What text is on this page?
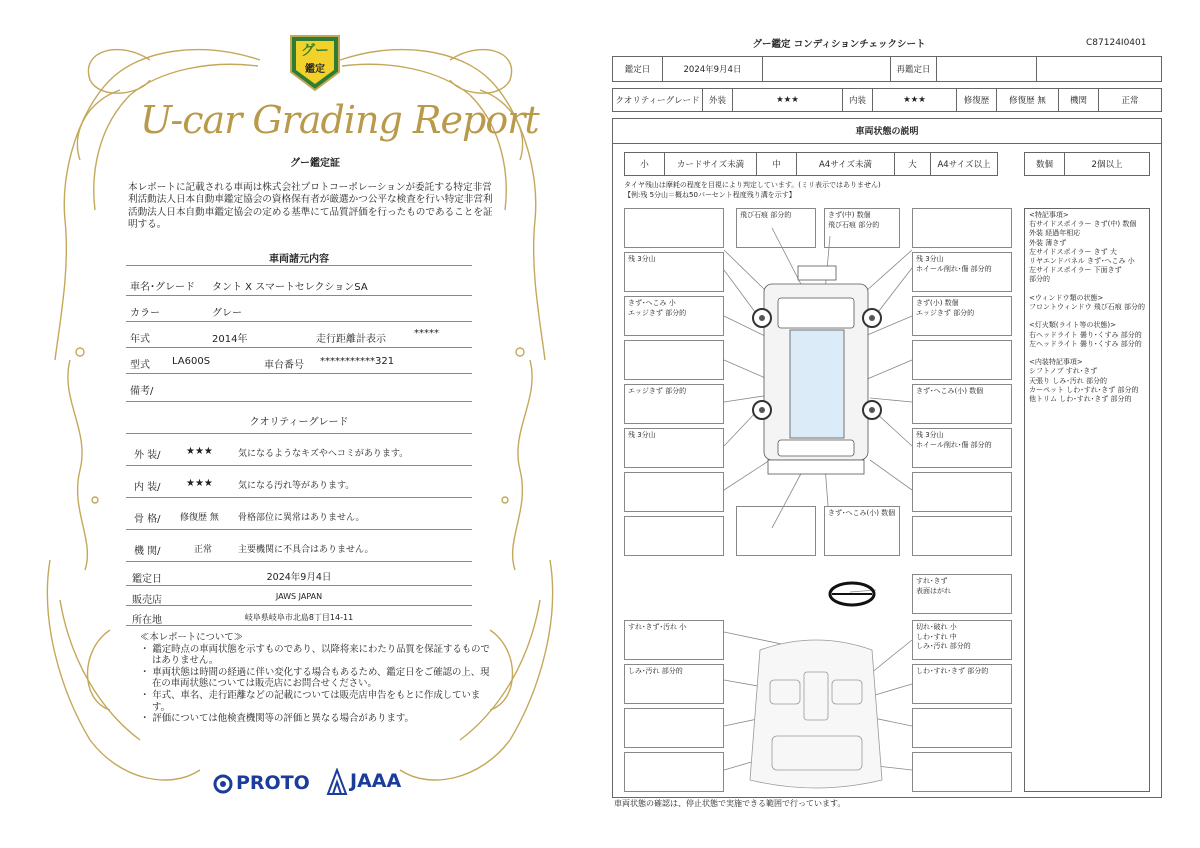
グー
鑑定
U-car Grading Report
グー鑑定証
本レポートに記載される車両は株式会社プロトコーポレーションが委託する特定非営利活動法人日本自動車鑑定協会の資格保有者が厳選かつ公平な検査を行い特定非営利活動法人日本自動車鑑定協会の定める基準にて品質評価を行ったものであることを証明する。
車両諸元内容
車名･グレード タント X スマートセレクションSA
カラー	グレー
年式	2014年	走行距離計表示
*****
型式 LA600S	車台番号 ***********321
備考/
クオリティーグレード
外 装/	★★★	気になるようなキズやヘコミがあります。
内 装/	★★★	気になる汚れ等があります。
骨 格/ 修復歴 無 骨格部位に異常はありません。
機 関/	正常	主要機関に不具合はありません。
鑑定日	2024年9月4日
販売店	JAWS JAPAN
所在地	岐阜県岐阜市北島8丁目14-11
≪本レポートについて≫
・ 鑑定時点の車両状態を示すものであり、以降将来にわたり品質を保証するものではありません。
・ 車両状態は時間の経過に伴い変化する場合もあるため、鑑定日をご確認の上、現在の車両状態については販売店にお問合せください。
・ 年式、車名、走行距離などの記載については販売店申告をもとに作成しています。
・ 評価については他検査機関等の評価と異なる場合があります。
PROTO JAAA
グー鑑定 コンディションチェックシート	C87124I0401
鑑定日	2024年9月4日	再鑑定日
クオリティーグレード	外装	★★★	内装	★★★	修復歴	修復歴 無	機関	正常
車両状態の説明
小	カードサイズ未満	中	A4サイズ未満	大	A4サイズ以上	数個	2個以上
タイヤ残山は摩耗の程度を目視により判定しています。(ミリ表示ではありません)
【例:残 5分山＝概ね50パーセント程度残り溝を示す】
飛び石痕 部分的	きず(中) 数個
飛び石痕 部分的
残 3分山	残 3分山
ホイール削れ･傷 部分的
きず･へこみ 小
エッジきず 部分的
きず(小) 数個
エッジきず 部分的
エッジきず 部分的	きず･へこみ(小) 数個
残 3分山	残 3分山
ホイール削れ･傷 部分的
きず･へこみ(小) 数個
すれ･きず
表面はがれ
すれ･きず･汚れ 小	切れ･破れ 小
しわ･すれ 中
しみ･汚れ 部分的
しみ･汚れ 部分的	しわ･すれ･きず 部分的
<特記事項>
右サイドスポイラー きず(中) 数個
外装 経過年相応
外装 薄きず
左サイドスポイラー きず 大
リヤエンドパネル きず･へこみ 小
左サイドスポイラー 下面きず
部分的

<ウィンドウ類の状態>
フロントウィンドウ 飛び石痕 部分的

<灯火類(ライト等の状態)>
右ヘッドライト 曇り･くすみ 部分的
左ヘッドライト 曇り･くすみ 部分的

<内装特記事項>
シフトノブ すれ･きず
天張り しみ･汚れ 部分的
カーペット しわ･すれ･きず 部分的
他トリム しわ･すれ･きず 部分的
車両状態の確認は、停止状態で実施できる範囲で行っています。
